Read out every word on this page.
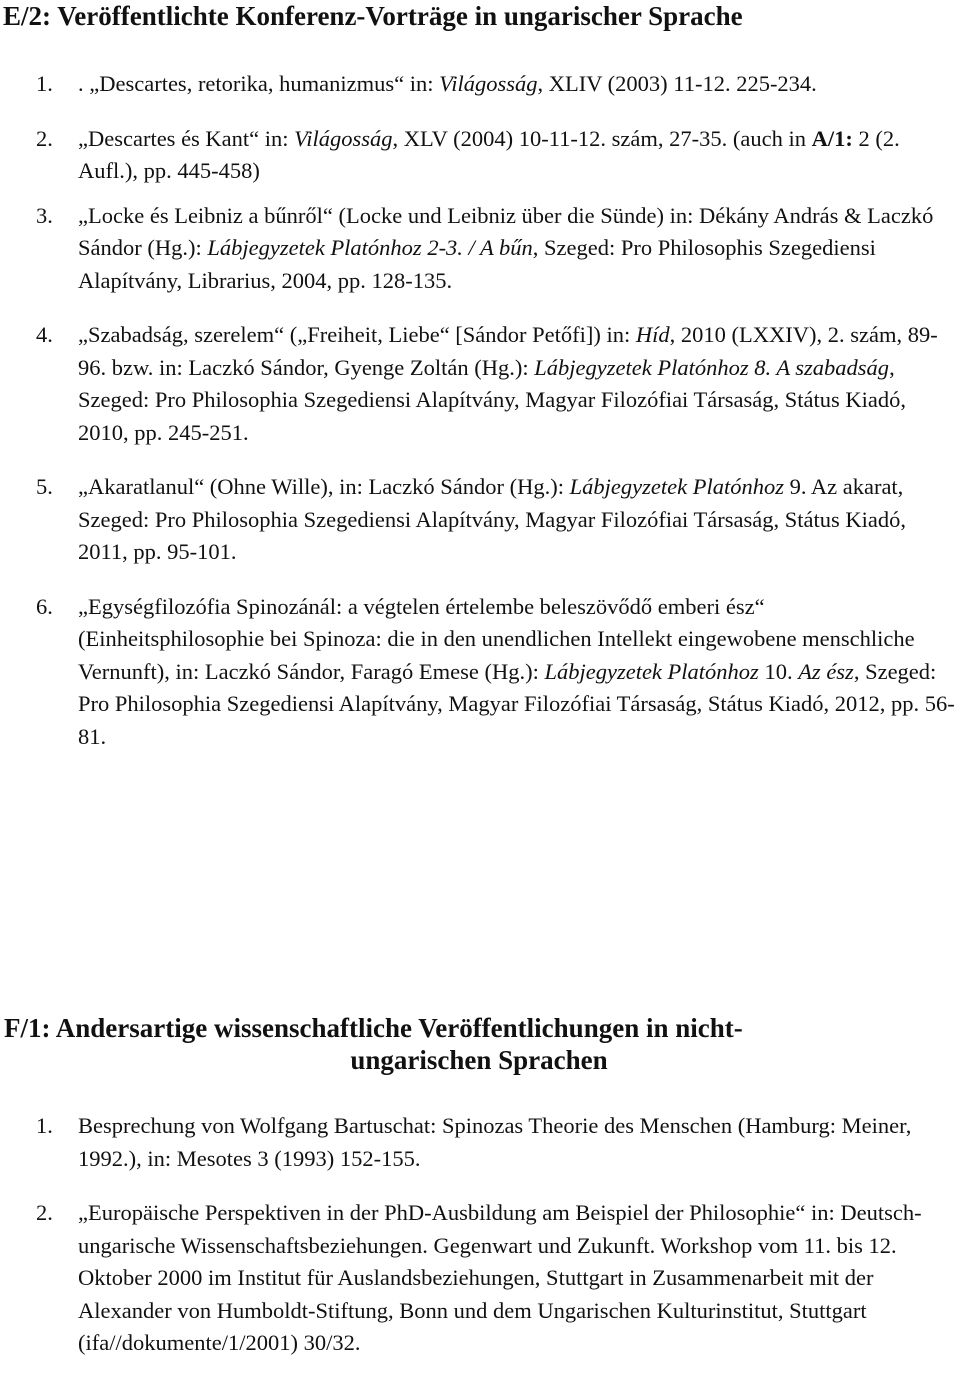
E/2: Veröffentlichte Konferenz-Vorträge in ungarischer Sprache
1. . „Descartes, retorika, humanizmus“ in: Világosság, XLIV (2003) 11-12. 225-234.
2. „Descartes és Kant“ in: Világosság, XLV (2004) 10-11-12. szám, 27-35. (auch in A/1: 2 (2. Aufl.), pp. 445-458)
3. „Locke és Leibniz a bűnről“ (Locke und Leibniz über die Sünde) in: Dékány András & Laczkó Sándor (Hg.): Lábjegyzetek Platónhoz 2-3. / A bűn, Szeged: Pro Philosophis Szegediensi Alapítvány, Librarius, 2004, pp. 128-135.
4. „Szabadság, szerelem“ („Freiheit, Liebe“ [Sándor Petőfi]) in: Híd, 2010 (LXXIV), 2. szám, 89-96. bzw. in: Laczkó Sándor, Gyenge Zoltán (Hg.): Lábjegyzetek Platónhoz 8. A szabadság, Szeged: Pro Philosophia Szegediensi Alapítvány, Magyar Filozófiai Társaság, Státus Kiadó, 2010, pp. 245-251.
5. „Akaratlanul“ (Ohne Wille), in: Laczkó Sándor (Hg.): Lábjegyzetek Platónhoz 9. Az akarat, Szeged: Pro Philosophia Szegediensi Alapítvány, Magyar Filozófiai Társaság, Státus Kiadó, 2011, pp. 95-101.
6. „Egységfilozófia Spinozánál: a végtelen értelembe beleszövődő emberi ész“ (Einheitsphilosophie bei Spinoza: die in den unendlichen Intellekt eingewobene menschliche Vernunft), in: Laczkó Sándor, Faragó Emese (Hg.): Lábjegyzetek Platónhoz 10. Az ész, Szeged: Pro Philosophia Szegediensi Alapítvány, Magyar Filozófiai Társaság, Státus Kiadó, 2012, pp. 56-81.
F/1: Andersartige wissenschaftliche Veröffentlichungen in nicht-
ungarischen Sprachen
1. Besprechung von Wolfgang Bartuschat: Spinozas Theorie des Menschen (Hamburg: Meiner, 1992.), in: Mesotes 3 (1993) 152-155.
2. „Europäische Perspektiven in der PhD-Ausbildung am Beispiel der Philosophie“ in: Deutsch-ungarische Wissenschaftsbeziehungen. Gegenwart und Zukunft. Workshop vom 11. bis 12. Oktober 2000 im Institut für Auslandsbeziehungen, Stuttgart in Zusammenarbeit mit der Alexander von Humboldt-Stiftung, Bonn und dem Ungarischen Kulturinstitut, Stuttgart (ifa//dokumente/1/2001) 30/32.
